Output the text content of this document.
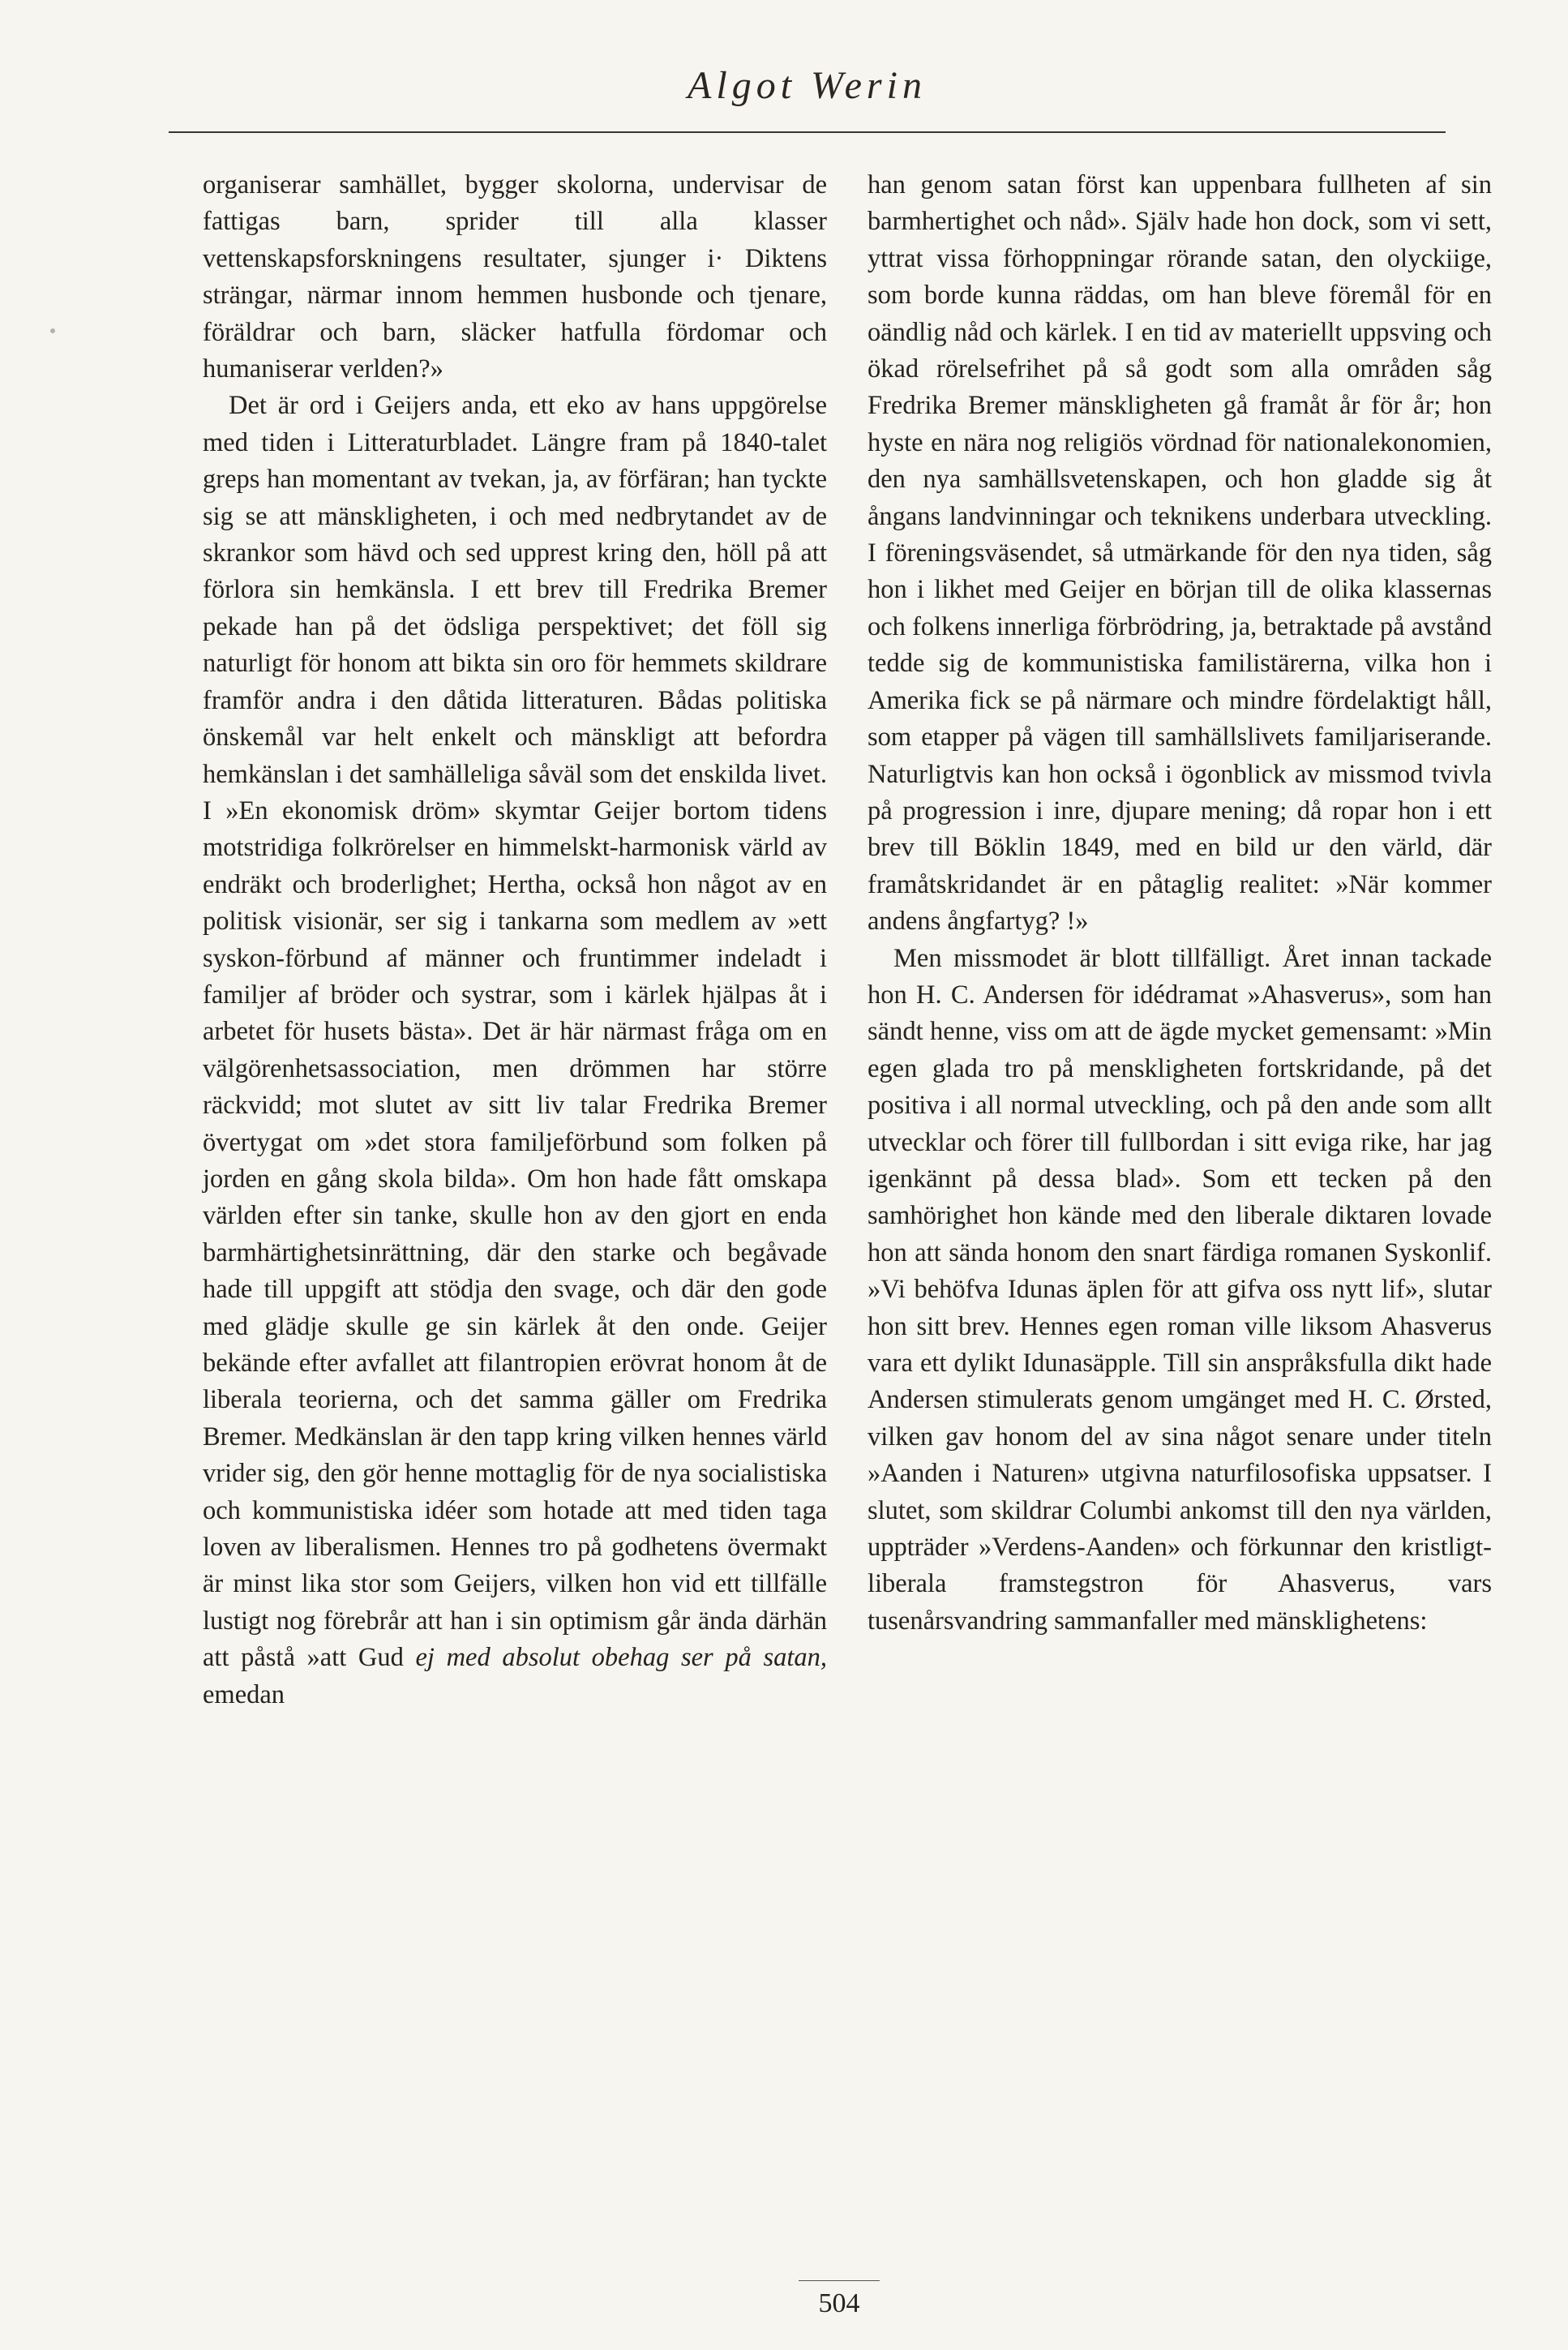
Algot Werin

organiserar samhället, bygger skolorna, undervisar de fattigas barn, sprider till alla klasser vettenskapsforskningens resultater, sjunger i· Diktens strängar, närmar innom hemmen husbonde och tjenare, föräldrar och barn, släcker hatfulla fördomar och humaniserar verlden?»

Det är ord i Geijers anda, ett eko av hans uppgörelse med tiden i Litteraturbladet. Längre fram på 1840-talet greps han momentant av tvekan, ja, av förfäran; han tyckte sig se att mänskligheten, i och med nedbrytandet av de skrankor som hävd och sed upprest kring den, höll på att förlora sin hemkänsla. I ett brev till Fredrika Bremer pekade han på det ödsliga perspektivet; det föll sig naturligt för honom att bikta sin oro för hemmets skildrare framför andra i den dåtida litteraturen. Bådas politiska önskemål var helt enkelt och mänskligt att befordra hemkänslan i det samhälleliga såväl som det enskilda livet. I »En ekonomisk dröm» skymtar Geijer bortom tidens motstridiga folkrörelser en himmelskt-harmonisk värld av endräkt och broderlighet; Hertha, också hon något av en politisk visionär, ser sig i tankarna som medlem av »ett syskon-förbund af männer och fruntimmer indeladt i familjer af bröder och systrar, som i kärlek hjälpas åt i arbetet för husets bästa». Det är här närmast fråga om en välgörenhetsassociation, men drömmen har större räckvidd; mot slutet av sitt liv talar Fredrika Bremer övertygat om »det stora familjeförbund som folken på jorden en gång skola bilda». Om hon hade fått omskapa världen efter sin tanke, skulle hon av den gjort en enda barmhärtighetsinrättning, där den starke och begåvade hade till uppgift att stödja den svage, och där den gode med glädje skulle ge sin kärlek åt den onde. Geijer bekände efter avfallet att filantropien erövrat honom åt de liberala teorierna, och det samma gäller om Fredrika Bremer. Medkänslan är den tapp kring vilken hennes värld vrider sig, den gör henne mottaglig för de nya socialistiska och kommunistiska idéer som hotade att med tiden taga loven av liberalismen. Hennes tro på godhetens övermakt är minst lika stor som Geijers, vilken hon vid ett tillfälle lustigt nog förebrår att han i sin optimism går ända därhän att påstå »att Gud ej med absolut obehag ser på satan, emedan

han genom satan först kan uppenbara fullheten af sin barmhertighet och nåd». Själv hade hon dock, som vi sett, yttrat vissa förhoppningar rörande satan, den olyckiige, som borde kunna räddas, om han bleve föremål för en oändlig nåd och kärlek. I en tid av materiellt uppsving och ökad rörelsefrihet på så godt som alla områden såg Fredrika Bremer mänskligheten gå framåt år för år; hon hyste en nära nog religiös vördnad för nationalekonomien, den nya samhällsvetenskapen, och hon gladde sig åt ångans landvinningar och teknikens underbara utveckling. I föreningsväsendet, så utmärkande för den nya tiden, såg hon i likhet med Geijer en början till de olika klassernas och folkens innerliga förbrödring, ja, betraktade på avstånd tedde sig de kommunistiska familistärerna, vilka hon i Amerika fick se på närmare och mindre fördelaktigt håll, som etapper på vägen till samhällslivets familjariserande. Naturligtvis kan hon också i ögonblick av missmod tvivla på progression i inre, djupare mening; då ropar hon i ett brev till Böklin 1849, med en bild ur den värld, där framåtskridandet är en påtaglig realitet: »När kommer andens ångfartyg? !»

Men missmodet är blott tillfälligt. Året innan tackade hon H. C. Andersen för idédramat »Ahasverus», som han sändt henne, viss om att de ägde mycket gemensamt: »Min egen glada tro på menskligheten fortskridande, på det positiva i all normal utveckling, och på den ande som allt utvecklar och förer till fullbordan i sitt eviga rike, har jag igenkännt på dessa blad». Som ett tecken på den samhörighet hon kände med den liberale diktaren lovade hon att sända honom den snart färdiga romanen Syskonlif. »Vi behöfva Idunas äplen för att gifva oss nytt lif», slutar hon sitt brev. Hennes egen roman ville liksom Ahasverus vara ett dylikt Idunasäpple. Till sin anspråksfulla dikt hade Andersen stimulerats genom umgänget med H. C. Ørsted, vilken gav honom del av sina något senare under titeln »Aanden i Naturen» utgivna naturfilosofiska uppsatser. I slutet, som skildrar Columbi ankomst till den nya världen, uppträder »Verdens-Aanden» och förkunnar den kristligt-liberala framstegstron för Ahasverus, vars tusenårsvandring sammanfaller med mänsklighetens:

504
